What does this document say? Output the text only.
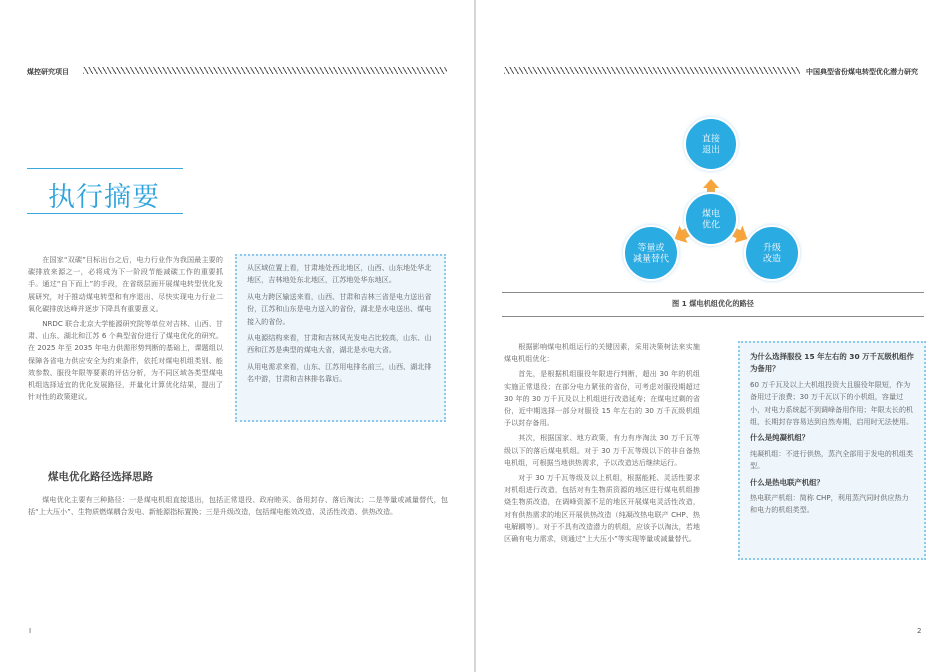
煤控研究项目
执行摘要

在国家“双碳”目标出台之后，电力行业作为我国最主要的碳排放来源之一，必将成为下一阶段节能减碳工作的重要抓手。通过“自下而上”的手段，在省级层面开展煤电转型优化发展研究，对于推动煤电转型和有序退出、尽快实现电力行业二氧化碳排放达峰并逐步下降具有重要意义。

NRDC 联合北京大学能源研究院等单位对吉林、山西、甘肃、山东、湖北和江苏 6 个典型省份进行了煤电优化的研究。在 2025 年至 2035 年电力供需形势判断的基础上，课题组以保障各省电力供应安全为约束条件，依托对煤电机组类别、能效参数、服役年限等要素的评估分析，为不同区域各类型煤电机组选择适宜的优化发展路径，并量化计算优化结果，提出了针对性的政策建议。

从区域位置上看，甘肃地处西北地区，山西、山东地处华北地区，吉林地处东北地区，江苏地处华东地区。
从电力跨区输送来看，山西、甘肃和吉林三省是电力送出省份，江苏和山东是电力送入的省份，湖北是水电送出、煤电接入的省份。
从电源结构来看，甘肃和吉林风光发电占比较高，山东、山西和江苏是典型的煤电大省，湖北是水电大省。
从用电需求来看，山东、江苏用电排名前三，山西、湖北排名中游，甘肃和吉林排名靠后。
煤电优化路径选择思路

煤电优化主要有三种路径：一是煤电机组直接退出，包括正常退役、政府睦买、备用封存、落后淘汰；二是等量或减量替代，包括“上大压小”、生物质燃煤耦合发电、新能源指标置换；三是升级改造，包括煤电能效改造、灵活性改造、供热改造。

I
中国典型省份煤电转型优化潜力研究
直接退出
煤电优化
等量或减量替代
升级改造
图 1 煤电机组优化的路径

根据影响煤电机组运行的关键因素，采用决策树法来实施煤电机组优化：

首先，是根据机组服役年限进行判断，超出 30 年的机组实施正常退役；在部分电力紧张的省份，可考虑对服役期超过 30 年的 30 万千瓦及以上机组进行改造延寿；在煤电过剩的省份，近中期选择一部分对服役 15 年左右的 30 万千瓦级机组予以封存备用。

其次，根据国家、地方政策，有力有序淘汰 30 万千瓦等级以下的落后煤电机组。对于 30 万千瓦等级以下的非自备热电机组，可根据当地供热需求，予以改造达后继续运行。

对于 30 万千瓦等级及以上机组，根据能耗、灵活性要求对机组进行改造，包括对有生物质资源的地区进行煤电机组掺烧生物质改造，在调峰资源不足的地区开展煤电灵活性改造，对有供热需求的地区开展供热改造（纯凝改热电联产 CHP、热电解耦等）。对于不具有改造潜力的机组，应该予以淘汰，若地区确有电力需求，则通过“上大压小”等实现等量或减量替代。

为什么选择服役 15 年左右的 30 万千瓦级机组作为备用？
60 万千瓦及以上大机组投资大且服役年限短，作为备用过于浪费；30 万千瓦以下的小机组，容量过小，对电力系统起不到调峰备用作用；年限太长的机组，长期封存容易达到自然寿期，启用时无法使用。
什么是纯凝机组？
纯凝机组：不进行供热，蒸汽全部用于发电的机组类型。
什么是热电联产机组？
热电联产机组：简称 CHP，利用蒸汽同时供应热力和电力的机组类型。
2
